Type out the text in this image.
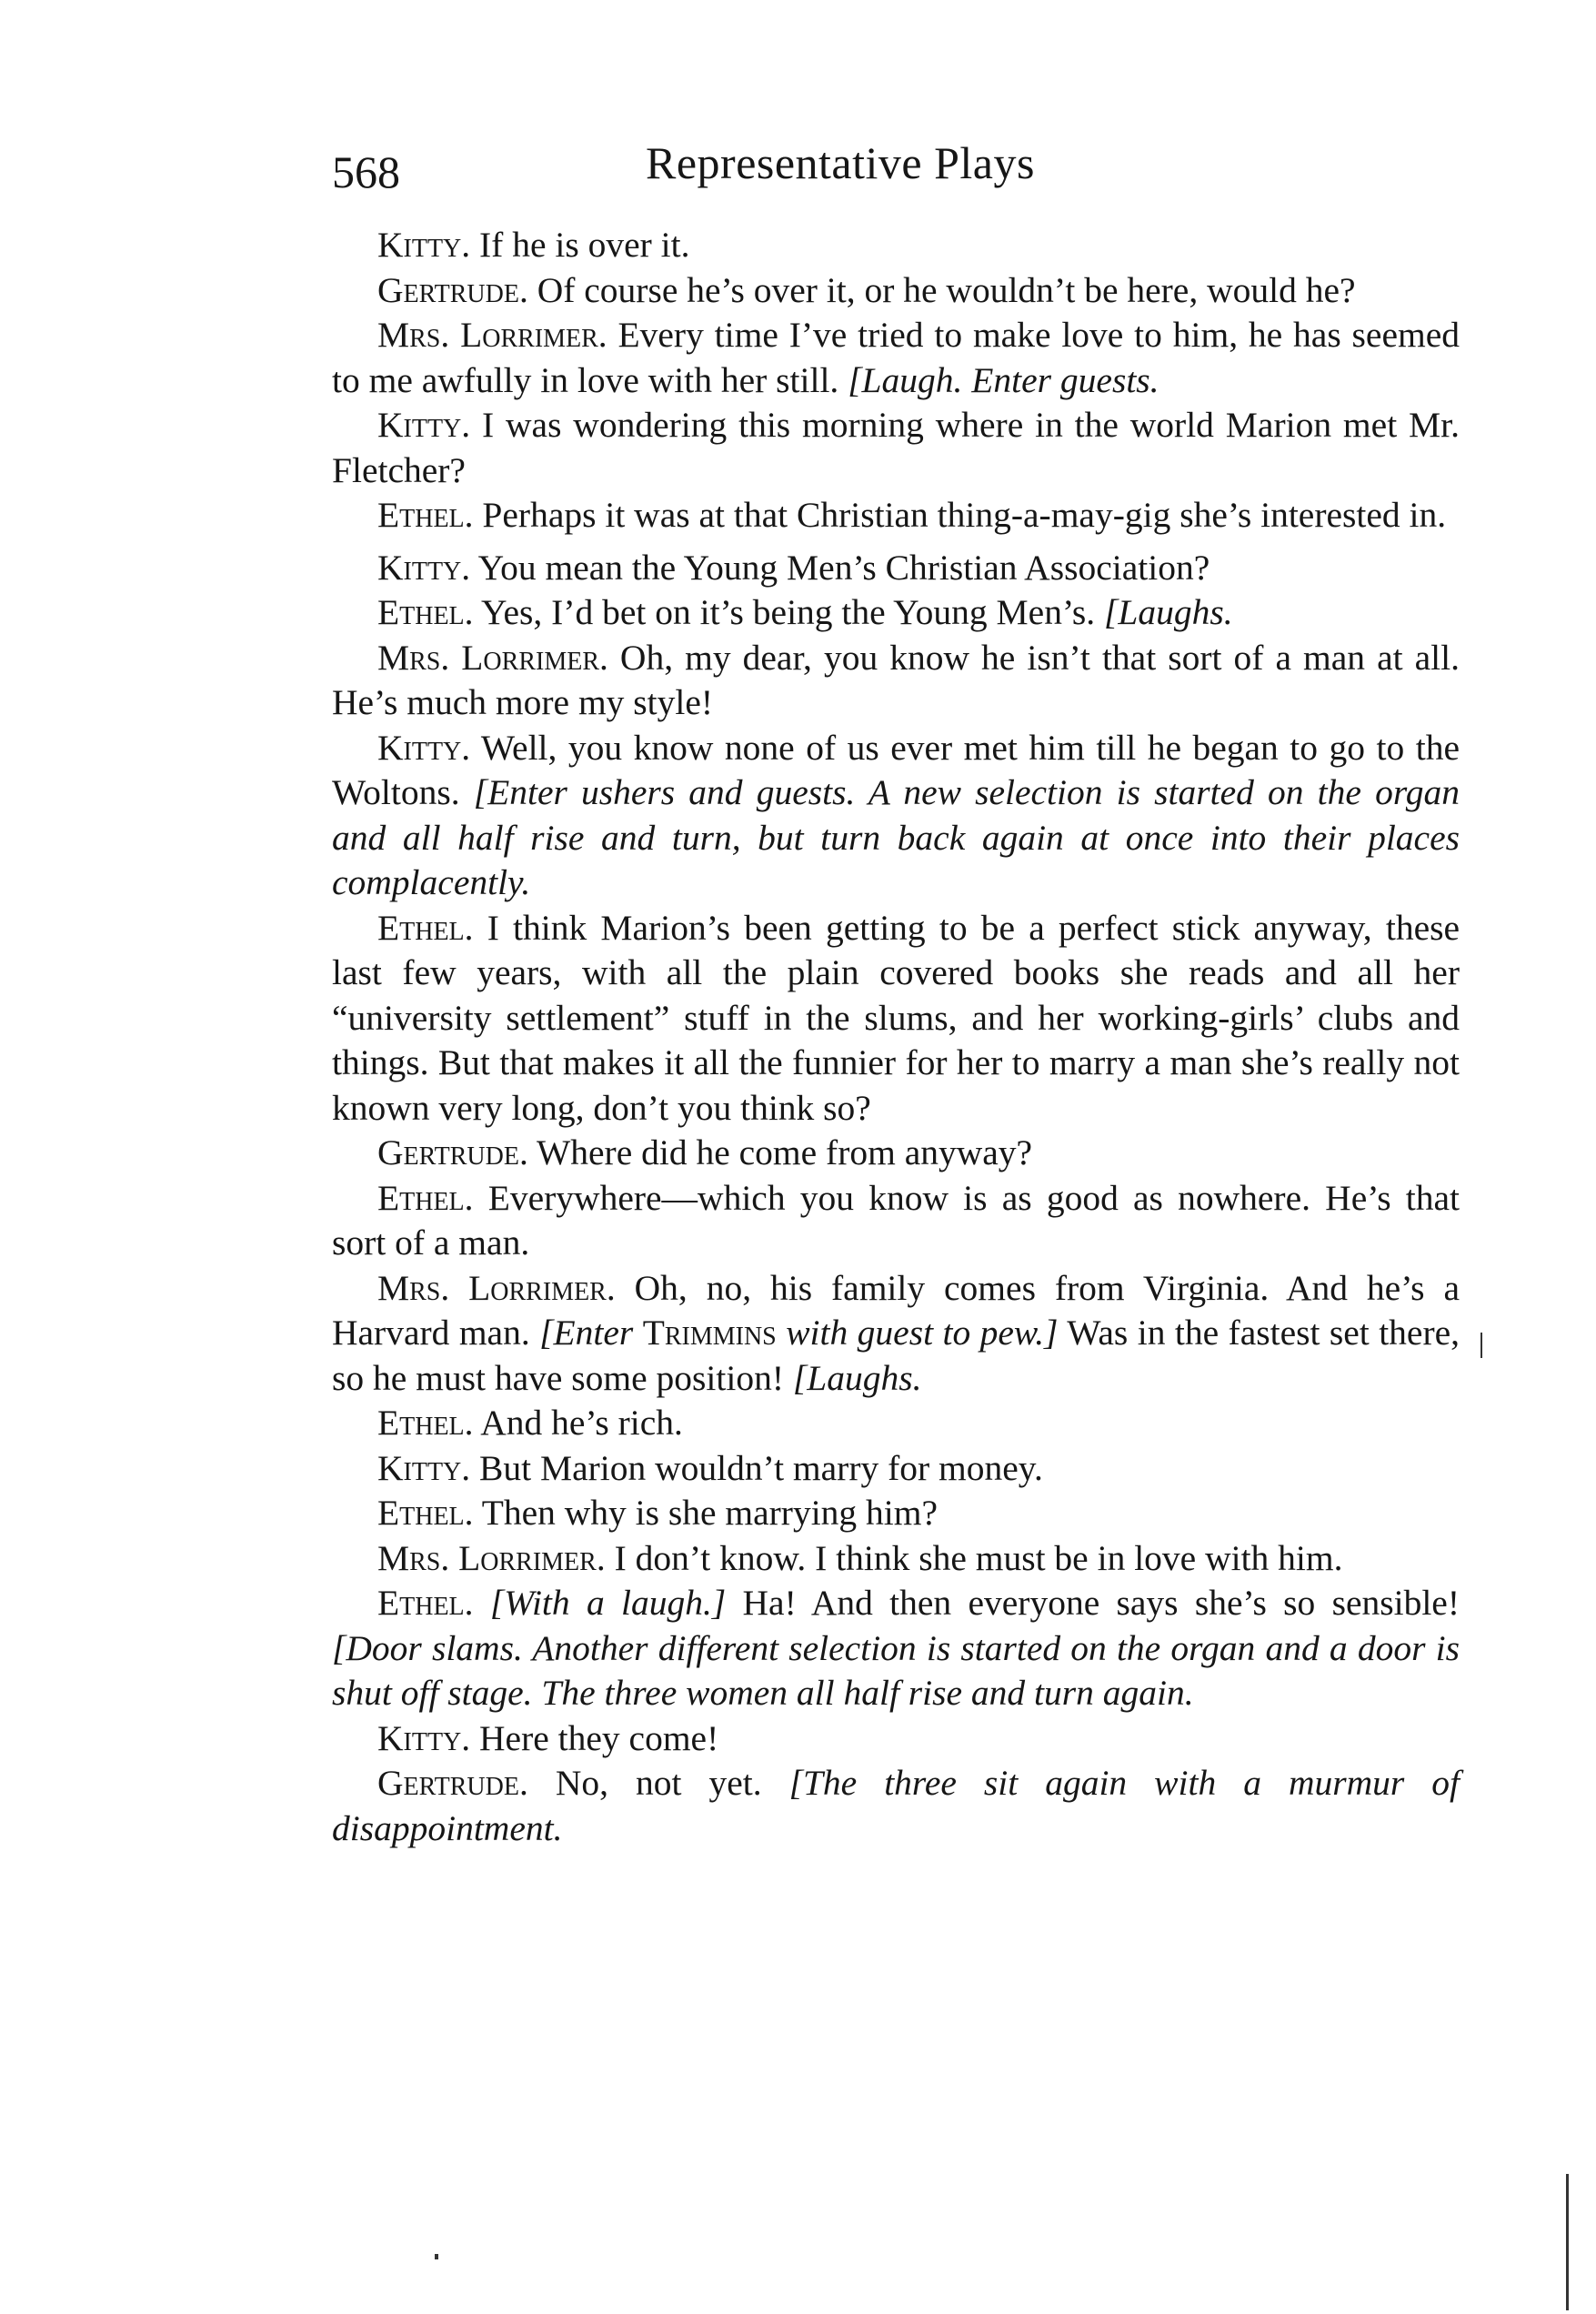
568	Representative Plays

Kitty. If he is over it.

Gertrude. Of course he’s over it, or he wouldn’t be here, would he?

Mrs. Lorrimer. Every time I’ve tried to make love to him, he has seemed to me awfully in love with her still. [Laugh. Enter guests.

Kitty. I was wondering this morning where in the world Marion met Mr. Fletcher?

Ethel. Perhaps it was at that Christian thing-a-may-gig she’s interested in.

Kitty. You mean the Young Men’s Christian Association?

Ethel. Yes, I’d bet on it’s being the Young Men’s. [Laughs.

Mrs. Lorrimer. Oh, my dear, you know he isn’t that sort of a man at all. He’s much more my style!

Kitty. Well, you know none of us ever met him till he began to go to the Woltons. [Enter ushers and guests. A new selection is started on the organ and all half rise and turn, but turn back again at once into their places complacently.

Ethel. I think Marion’s been getting to be a perfect stick anyway, these last few years, with all the plain covered books she reads and all her “university settlement” stuff in the slums, and her working-girls’ clubs and things. But that makes it all the funnier for her to marry a man she’s really not known very long, don’t you think so?

Gertrude. Where did he come from anyway?

Ethel. Everywhere—which you know is as good as nowhere. He’s that sort of a man.

Mrs. Lorrimer. Oh, no, his family comes from Virginia. And he’s a Harvard man. [Enter Trimmins with guest to pew.] Was in the fastest set there, so he must have some position! [Laughs.

Ethel. And he’s rich.

Kitty. But Marion wouldn’t marry for money.

Ethel. Then why is she marrying him?

Mrs. Lorrimer. I don’t know. I think she must be in love with him.

Ethel. [With a laugh.] Ha! And then everyone says she’s so sensible! [Door slams. Another different selection is started on the organ and a door is shut off stage. The three women all half rise and turn again.

Kitty. Here they come!

Gertrude. No, not yet. [The three sit again with a murmur of disappointment.
